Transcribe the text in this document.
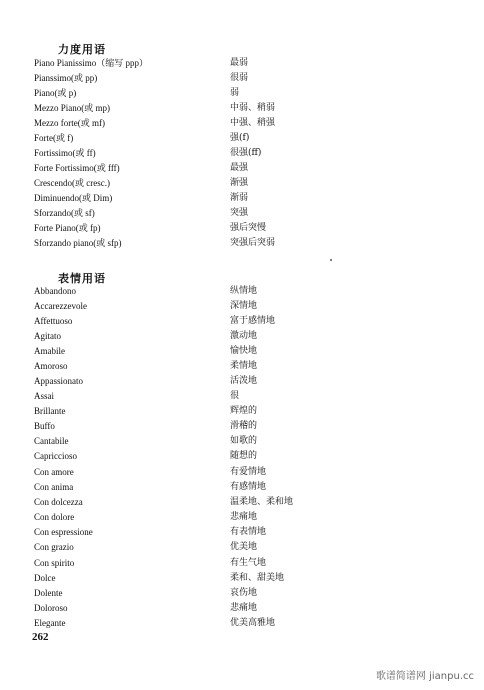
力度用语
Piano Pianissimo（缩写 ppp）	最弱
Pianssimo(或 pp)	很弱
Piano(或 p)	弱
Mezzo Piano(或 mp)	中弱、稍弱
Mezzo forte(或 mf)	中强、稍强
Forte(或 f)	强(f)
Fortissimo(或 ff)	很强(ff)
Forte Fortissimo(或 fff)	最强
Crescendo(或 cresc.)	渐强
Diminuendo(或 Dim)	渐弱
Sforzando(或 sf)	突强
Forte Piano(或 fp)	强后突慢
Sforzando piano(或 sfp)	突强后突弱
表情用语
Abbandono	纵情地
Accarezzevole	深情地
Affettuoso	富于感情地
Agitato	激动地
Amabile	愉快地
Amoroso	柔情地
Appassionato	活泼地
Assai	很
Brillante	辉煌的
Buffo	滑稽的
Cantabile	如歌的
Capriccioso	随想的
Con amore	有爱情地
Con anima	有感情地
Con dolcezza	温柔地、柔和地
Con dolore	悲痛地
Con espressione	有表情地
Con grazio	优美地
Con spirito	有生气地
Dolce	柔和、甜美地
Dolente	哀伤地
Doloroso	悲痛地
Elegante	优美高雅地
262
歌谱简谱网 jianpu.cc
